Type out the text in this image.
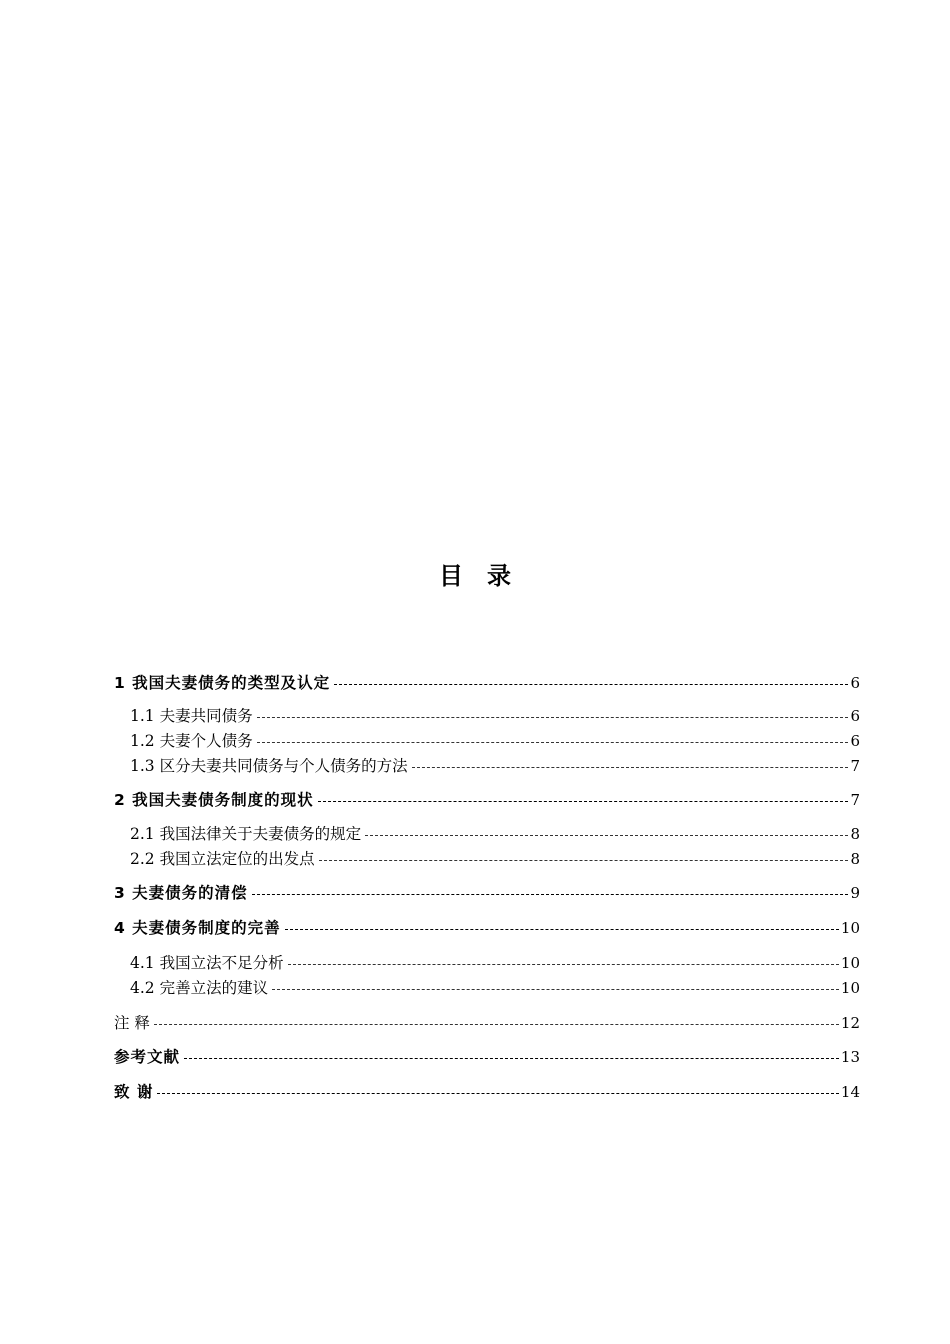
目录
1 我国夫妻债务的类型及认定	6
1.1 夫妻共同债务	6
1.2 夫妻个人债务	6
1.3 区分夫妻共同债务与个人债务的方法	7
2 我国夫妻债务制度的现状	7
2.1 我国法律关于夫妻债务的规定	8
2.2 我国立法定位的出发点	8
3 夫妻债务的清偿	9
4 夫妻债务制度的完善	10
4.1 我国立法不足分析	10
4.2 完善立法的建议	10
注 释	12
参考文献	13
致 谢	14
